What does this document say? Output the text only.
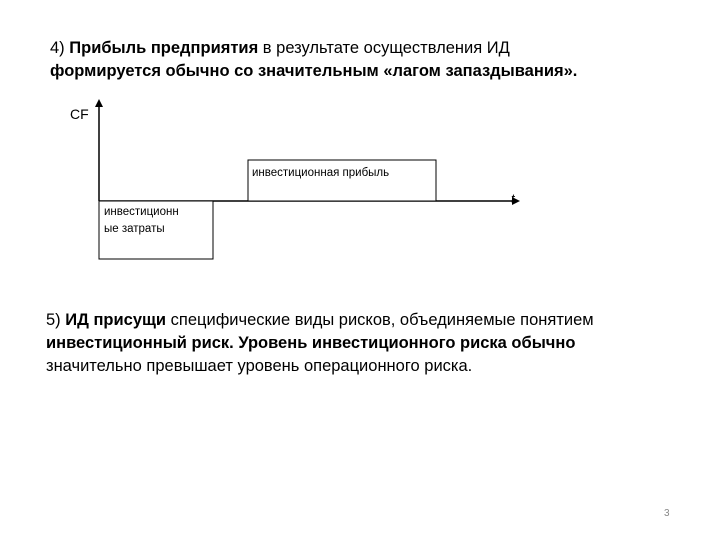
4) Прибыль предприятия в результате осуществления ИД
формируется обычно со значительным «лагом запаздывания».

CF
t
инвестиционная прибыль
инвестиционн
ые затраты

5) ИД присущи специфические виды рисков, объединяемые понятием
инвестиционный риск. Уровень инвестиционного риска обычно
значительно превышает уровень операционного риска.

3
